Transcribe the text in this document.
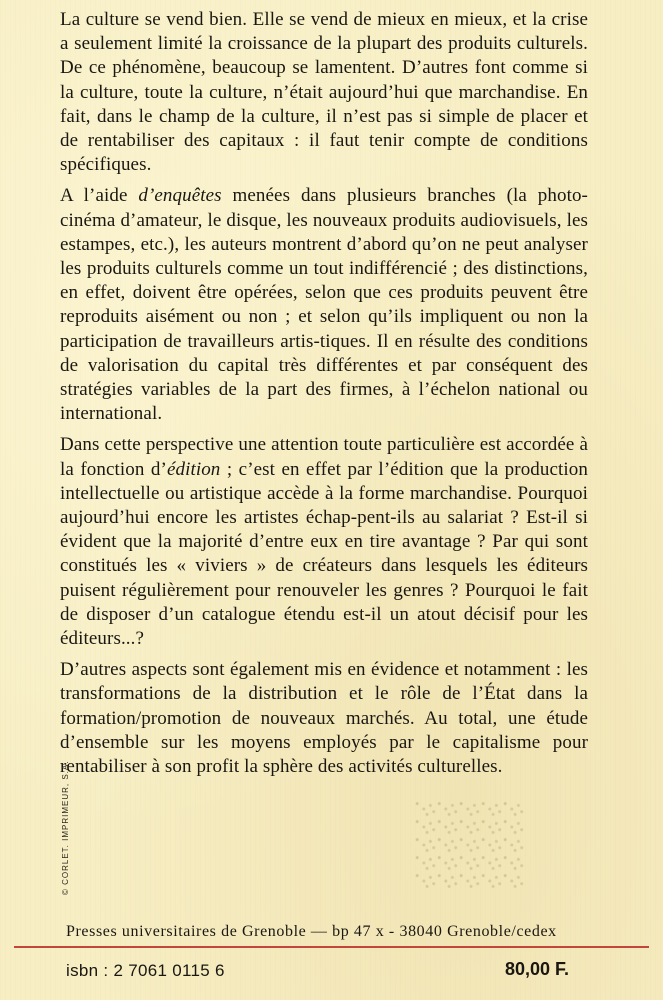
La culture se vend bien. Elle se vend de mieux en mieux, et la crise a seulement limité la croissance de la plupart des produits culturels. De ce phénomène, beaucoup se lamentent. D’autres font comme si la culture, toute la culture, n’était aujourd’hui que marchandise. En fait, dans le champ de la culture, il n’est pas si simple de placer et de rentabiliser des capitaux : il faut tenir compte de conditions spécifiques.

A l’aide d’enquêtes menées dans plusieurs branches (la photo-cinéma d’amateur, le disque, les nouveaux produits audiovisuels, les estampes, etc.), les auteurs montrent d’abord qu’on ne peut analyser les produits culturels comme un tout indifférencié ; des distinctions, en effet, doivent être opérées, selon que ces produits peuvent être reproduits aisément ou non ; et selon qu’ils impliquent ou non la participation de travailleurs artis-tiques. Il en résulte des conditions de valorisation du capital très différentes et par conséquent des stratégies variables de la part des firmes, à l’échelon national ou international.

Dans cette perspective une attention toute particulière est accordée à la fonction d’édition ; c’est en effet par l’édition que la production intellectuelle ou artistique accède à la forme marchandise. Pourquoi aujourd’hui encore les artistes échap-pent-ils au salariat ? Est-il si évident que la majorité d’entre eux en tire avantage ? Par qui sont constitués les « viviers » de créateurs dans lesquels les éditeurs puisent régulièrement pour renouveler les genres ? Pourquoi le fait de disposer d’un catalogue étendu est-il un atout décisif pour les éditeurs...?

D’autres aspects sont également mis en évidence et notamment : les transformations de la distribution et le rôle de l’État dans la formation/promotion de nouveaux marchés. Au total, une étude d’ensemble sur les moyens employés par le capitalisme pour rentabiliser à son profit la sphère des activités culturelles.

© CORLET. IMPRIMEUR, S.A.
Presses universitaires de Grenoble — bp 47 x - 38040 Grenoble/cedex
isbn : 2 7061 0115 6	80,00 F.
